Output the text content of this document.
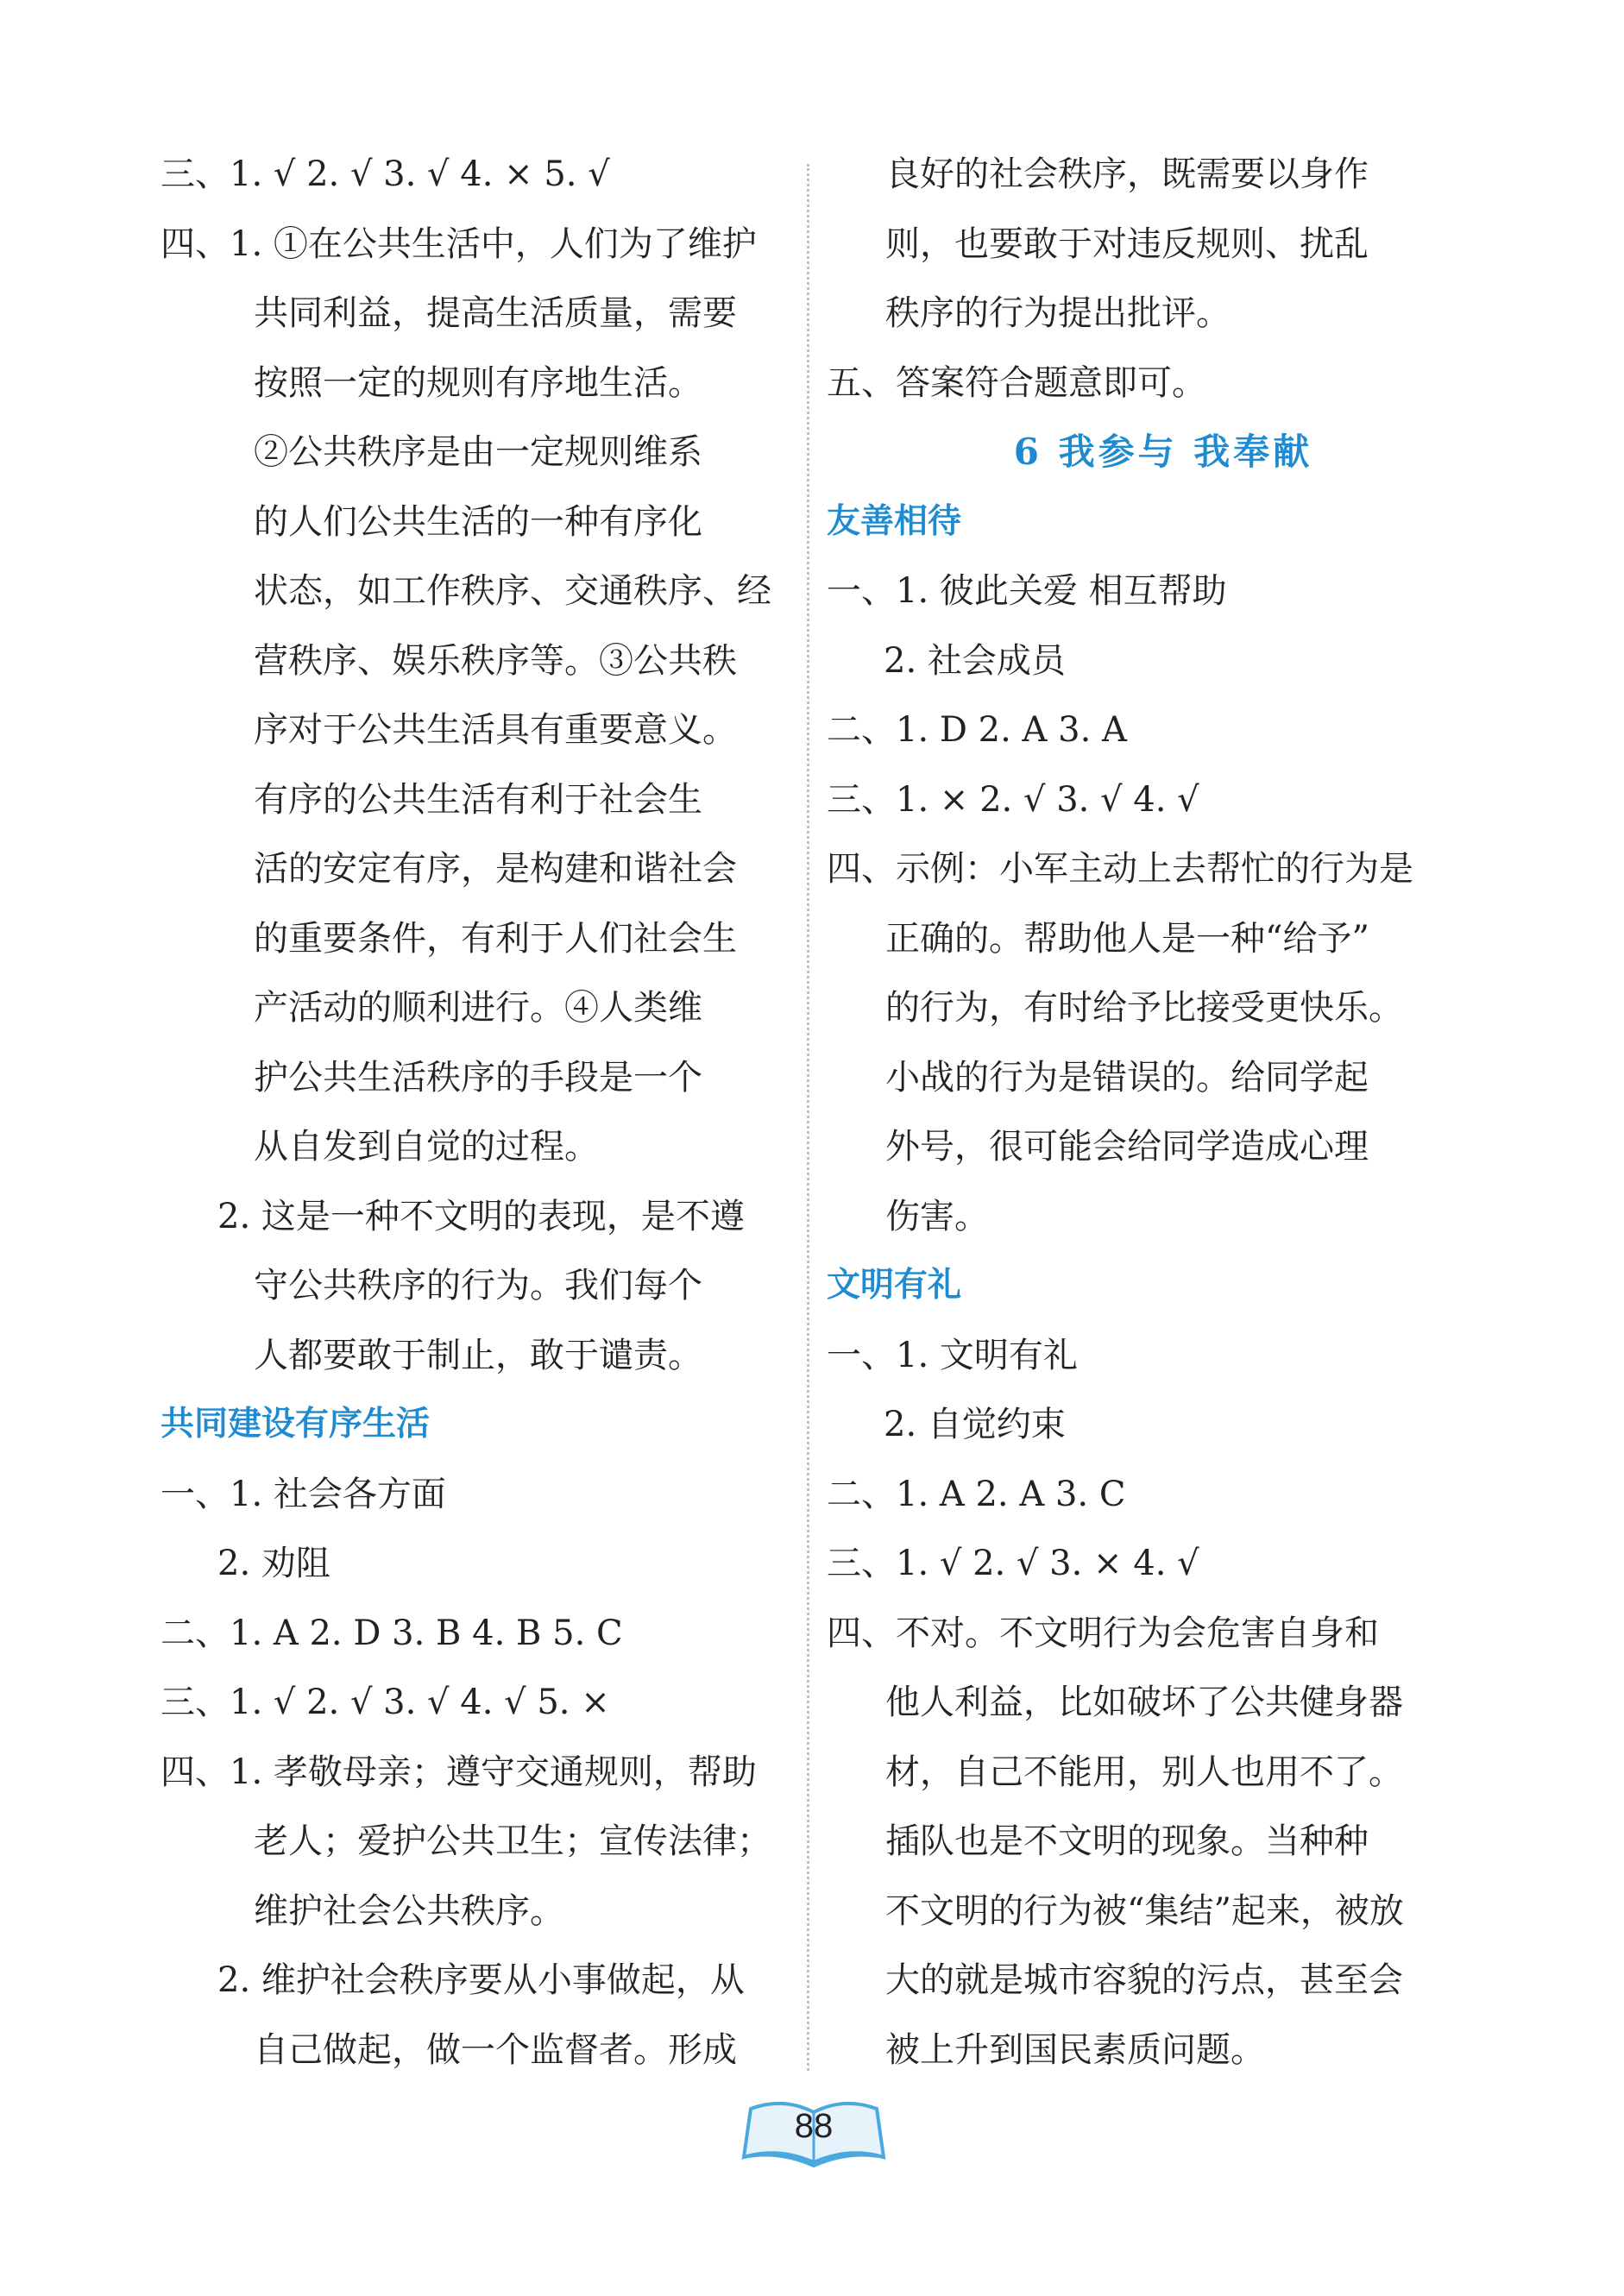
三、1. √ 2. √ 3. √ 4. × 5. √
四、1. ①在公共生活中，人们为了维护
共同利益，提高生活质量，需要
按照一定的规则有序地生活。
②公共秩序是由一定规则维系
的人们公共生活的一种有序化
状态，如工作秩序、交通秩序、经
营秩序、娱乐秩序等。③公共秩
序对于公共生活具有重要意义。
有序的公共生活有利于社会生
活的安定有序，是构建和谐社会
的重要条件，有利于人们社会生
产活动的顺利进行。④人类维
护公共生活秩序的手段是一个
从自发到自觉的过程。
2. 这是一种不文明的表现，是不遵
守公共秩序的行为。我们每个
人都要敢于制止，敢于谴责。
共同建设有序生活
一、1. 社会各方面
2. 劝阻
二、1. A 2. D 3. B 4. B 5. C
三、1. √ 2. √ 3. √ 4. √ 5. ×
四、1. 孝敬母亲；遵守交通规则，帮助
老人；爱护公共卫生；宣传法律；
维护社会公共秩序。
2. 维护社会秩序要从小事做起，从
自己做起，做一个监督者。形成
良好的社会秩序，既需要以身作
则，也要敢于对违反规则、扰乱
秩序的行为提出批评。
五、答案符合题意即可。
6 我参与 我奉献
友善相待
一、1. 彼此关爱 相互帮助
2. 社会成员
二、1. D 2. A 3. A
三、1. × 2. √ 3. √ 4. √
四、示例：小军主动上去帮忙的行为是
正确的。帮助他人是一种“给予”
的行为，有时给予比接受更快乐。
小战的行为是错误的。给同学起
外号，很可能会给同学造成心理
伤害。
文明有礼
一、1. 文明有礼
2. 自觉约束
二、1. A 2. A 3. C
三、1. √ 2. √ 3. × 4. √
四、不对。不文明行为会危害自身和
他人利益，比如破坏了公共健身器
材，自己不能用，别人也用不了。
插队也是不文明的现象。当种种
不文明的行为被“集结”起来，被放
大的就是城市容貌的污点，甚至会
被上升到国民素质问题。
88
